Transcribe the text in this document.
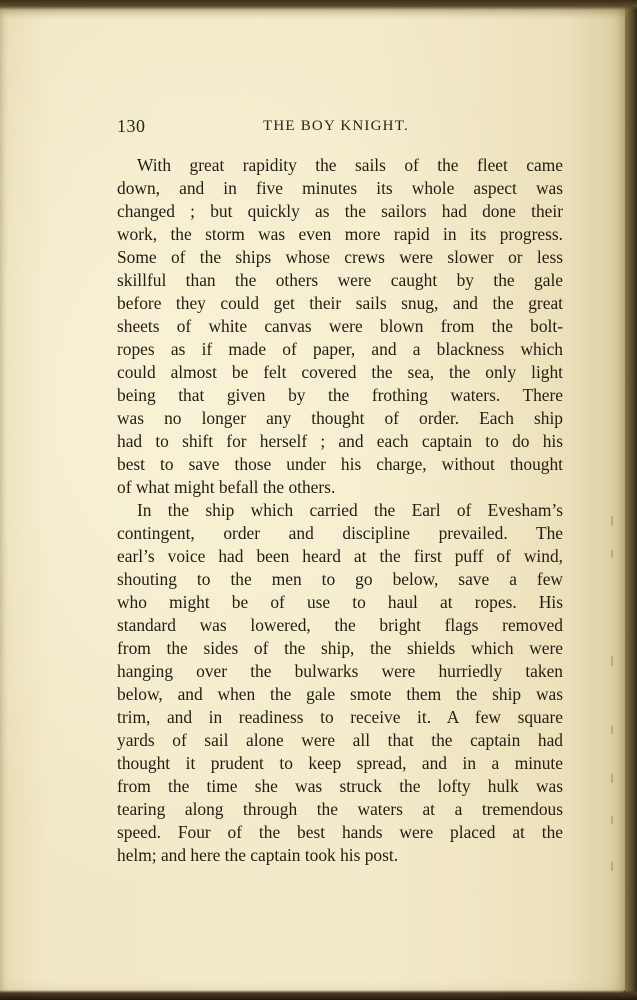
130	THE BOY KNIGHT.
With great rapidity the sails of the fleet came
down, and in five minutes its whole aspect was
changed ; but quickly as the sailors had done their
work, the storm was even more rapid in its progress.
Some of the ships whose crews were slower or less
skillful than the others were caught by the gale
before they could get their sails snug, and the great
sheets of white canvas were blown from the bolt-
ropes as if made of paper, and a blackness which
could almost be felt covered the sea, the only light
being that given by the frothing waters. There
was no longer any thought of order. Each ship
had to shift for herself ; and each captain to do his
best to save those under his charge, without thought
of what might befall the others.
In the ship which carried the Earl of Evesham’s
contingent, order and discipline prevailed. The
earl’s voice had been heard at the first puff of wind,
shouting to the men to go below, save a few
who might be of use to haul at ropes. His
standard was lowered, the bright flags removed
from the sides of the ship, the shields which were
hanging over the bulwarks were hurriedly taken
below, and when the gale smote them the ship was
trim, and in readiness to receive it. A few square
yards of sail alone were all that the captain had
thought it prudent to keep spread, and in a minute
from the time she was struck the lofty hulk was
tearing along through the waters at a tremendous
speed. Four of the best hands were placed at the
helm; and here the captain took his post.
